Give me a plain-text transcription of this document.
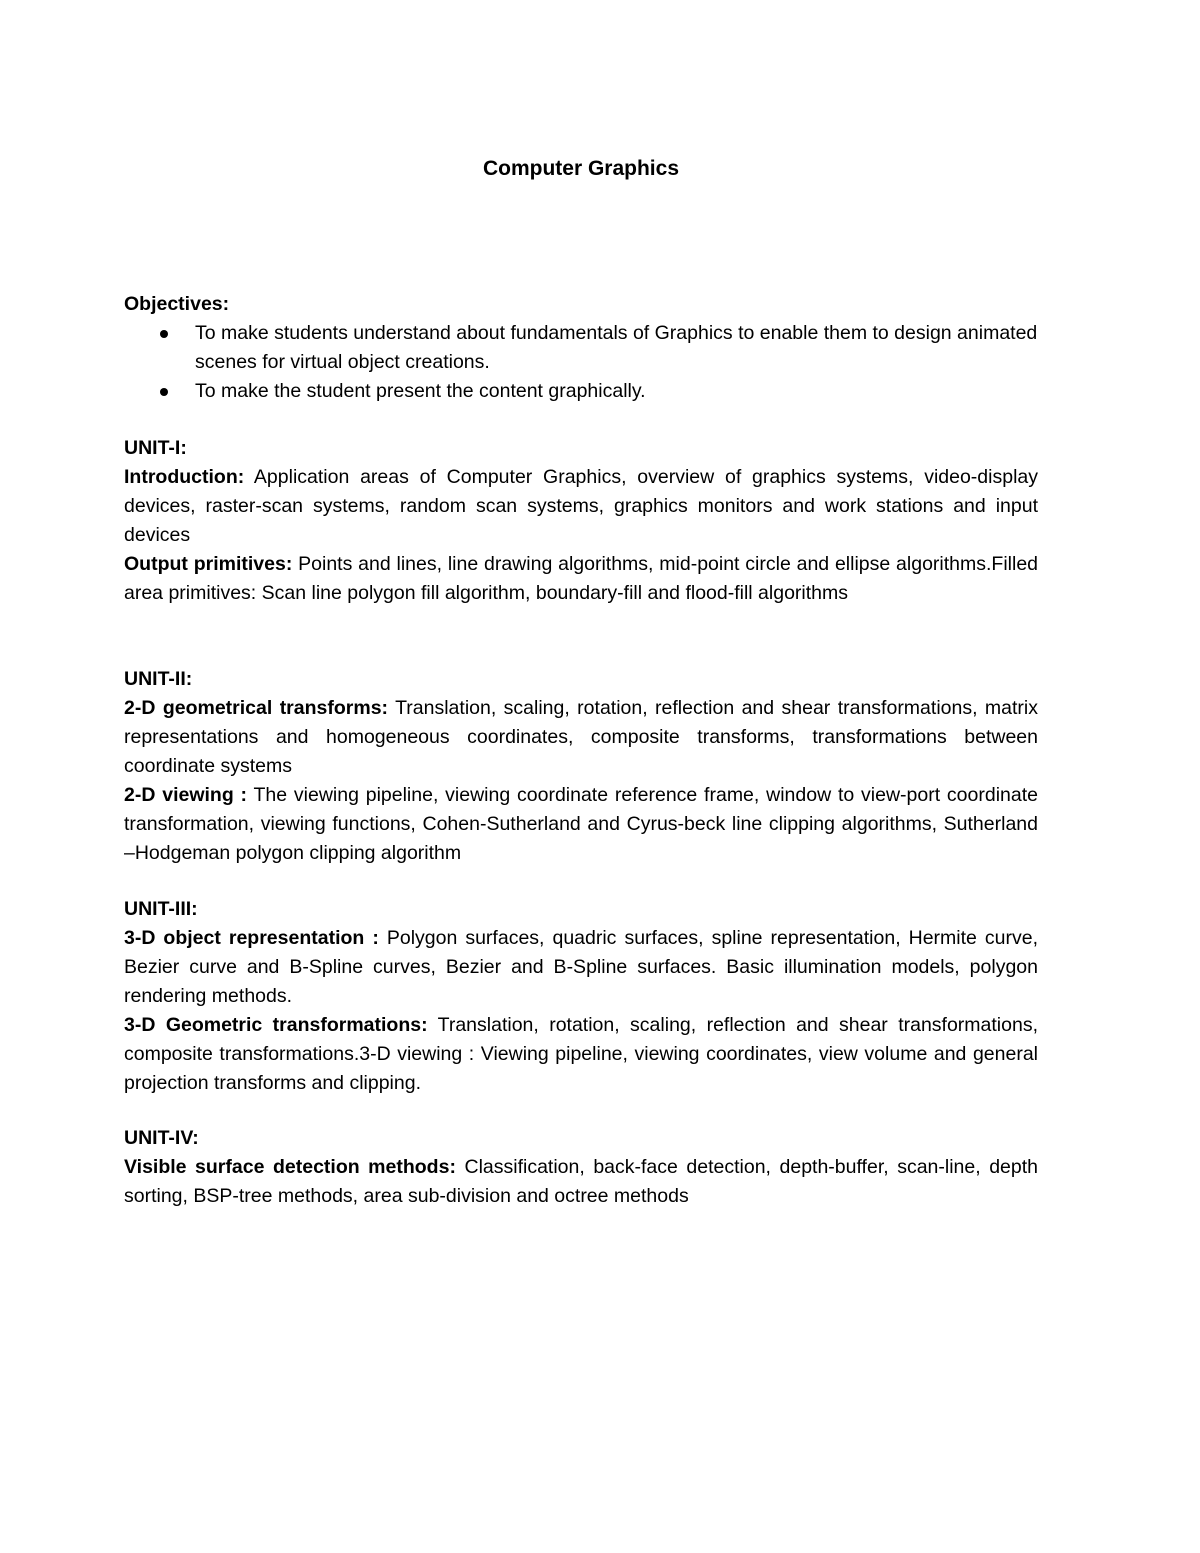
Computer Graphics

Objectives:

To make students understand about fundamentals of Graphics to enable them to design animated scenes for virtual object creations.
To make the student present the content graphically.

UNIT-I:

Introduction: Application areas of Computer Graphics, overview of graphics systems, video-display devices, raster-scan systems, random scan systems, graphics monitors and work stations and input devices

Output primitives: Points and lines, line drawing algorithms, mid-point circle and ellipse algorithms.Filled area primitives: Scan line polygon fill algorithm, boundary-fill and flood-fill algorithms

UNIT-II:

2-D geometrical transforms: Translation, scaling, rotation, reflection and shear transformations, matrix representations and homogeneous coordinates, composite transforms, transformations between coordinate systems

2-D viewing : The viewing pipeline, viewing coordinate reference frame, window to view-port coordinate transformation, viewing functions, Cohen-Sutherland and Cyrus-beck line clipping algorithms, Sutherland –Hodgeman polygon clipping algorithm

UNIT-III:

3-D object representation : Polygon surfaces, quadric surfaces, spline representation, Hermite curve, Bezier curve and B-Spline curves, Bezier and B-Spline surfaces. Basic illumination models, polygon rendering methods.

3-D Geometric transformations: Translation, rotation, scaling, reflection and shear transformations, composite transformations.3-D viewing : Viewing pipeline, viewing coordinates, view volume and general projection transforms and clipping.

UNIT-IV:

Visible surface detection methods: Classification, back-face detection, depth-buffer, scan-line, depth sorting, BSP-tree methods, area sub-division and octree methods
